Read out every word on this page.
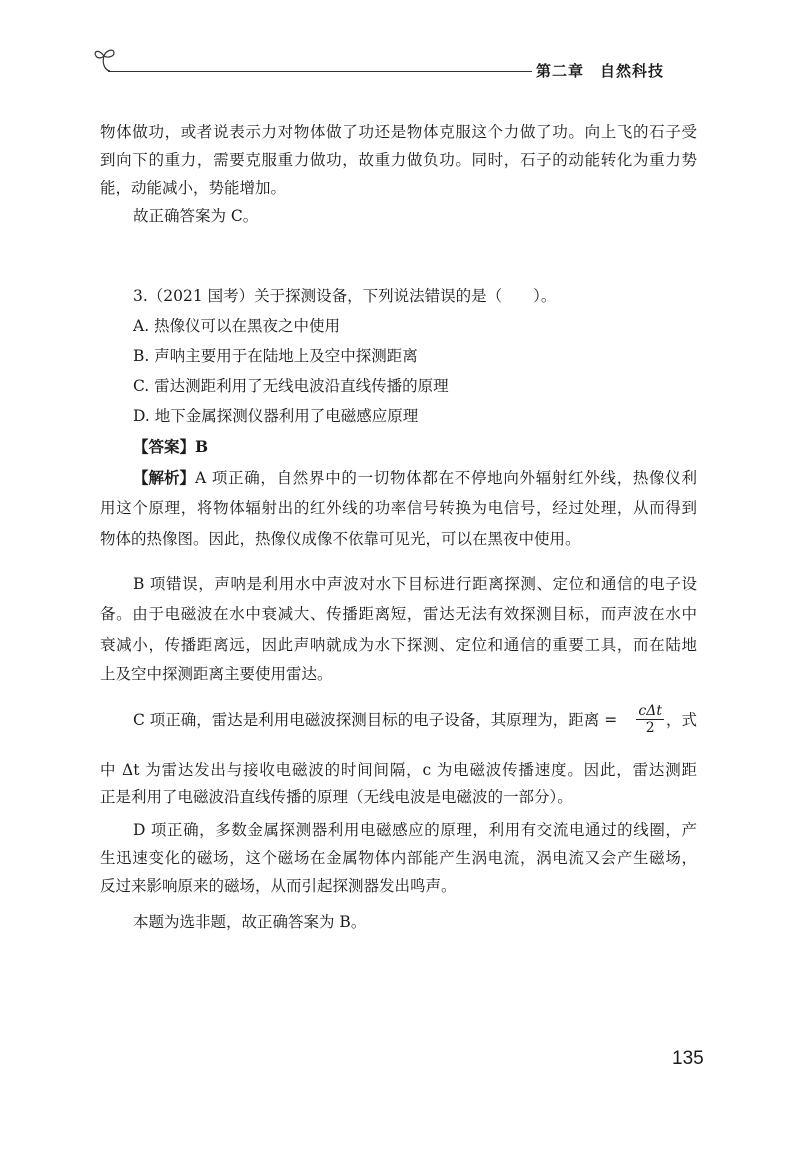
第二章　自然科技
物体做功，或者说表示力对物体做了功还是物体克服这个力做了功。向上飞的石子受
到向下的重力，需要克服重力做功，故重力做负功。同时，石子的动能转化为重力势
能，动能减小，势能增加。
故正确答案为 C。
3.（2021 国考）关于探测设备，下列说法错误的是（　　）。
A. 热像仪可以在黑夜之中使用
B. 声呐主要用于在陆地上及空中探测距离
C. 雷达测距利用了无线电波沿直线传播的原理
D. 地下金属探测仪器利用了电磁感应原理
【答案】B
【解析】 A 项正确，自然界中的一切物体都在不停地向外辐射红外线，热像仪利
用这个原理，将物体辐射出的红外线的功率信号转换为电信号，经过处理，从而得到
物体的热像图。因此，热像仪成像不依靠可见光，可以在黑夜中使用。
B 项错误，声呐是利用水中声波对水下目标进行距离探测、定位和通信的电子设
备。由于电磁波在水中衰减大、传播距离短，雷达无法有效探测目标，而声波在水中
衰减小，传播距离远，因此声呐就成为水下探测、定位和通信的重要工具，而在陆地
上及空中探测距离主要使用雷达。
C 项正确，雷达是利用电磁波探测目标的电子设备，其原理为，距离 = $\frac{\text{cΔt}}{2}$ ，式
中 Δt 为雷达发出与接收电磁波的时间间隔，c 为电磁波传播速度。因此，雷达测距
正是利用了电磁波沿直线传播的原理（无线电波是电磁波的一部分）。
D 项正确，多数金属探测器利用电磁感应的原理，利用有交流电通过的线圈，产
生迅速变化的磁场，这个磁场在金属物体内部能产生涡电流，涡电流又会产生磁场，
反过来影响原来的磁场，从而引起探测器发出鸣声。
本题为选非题，故正确答案为 B。
135
